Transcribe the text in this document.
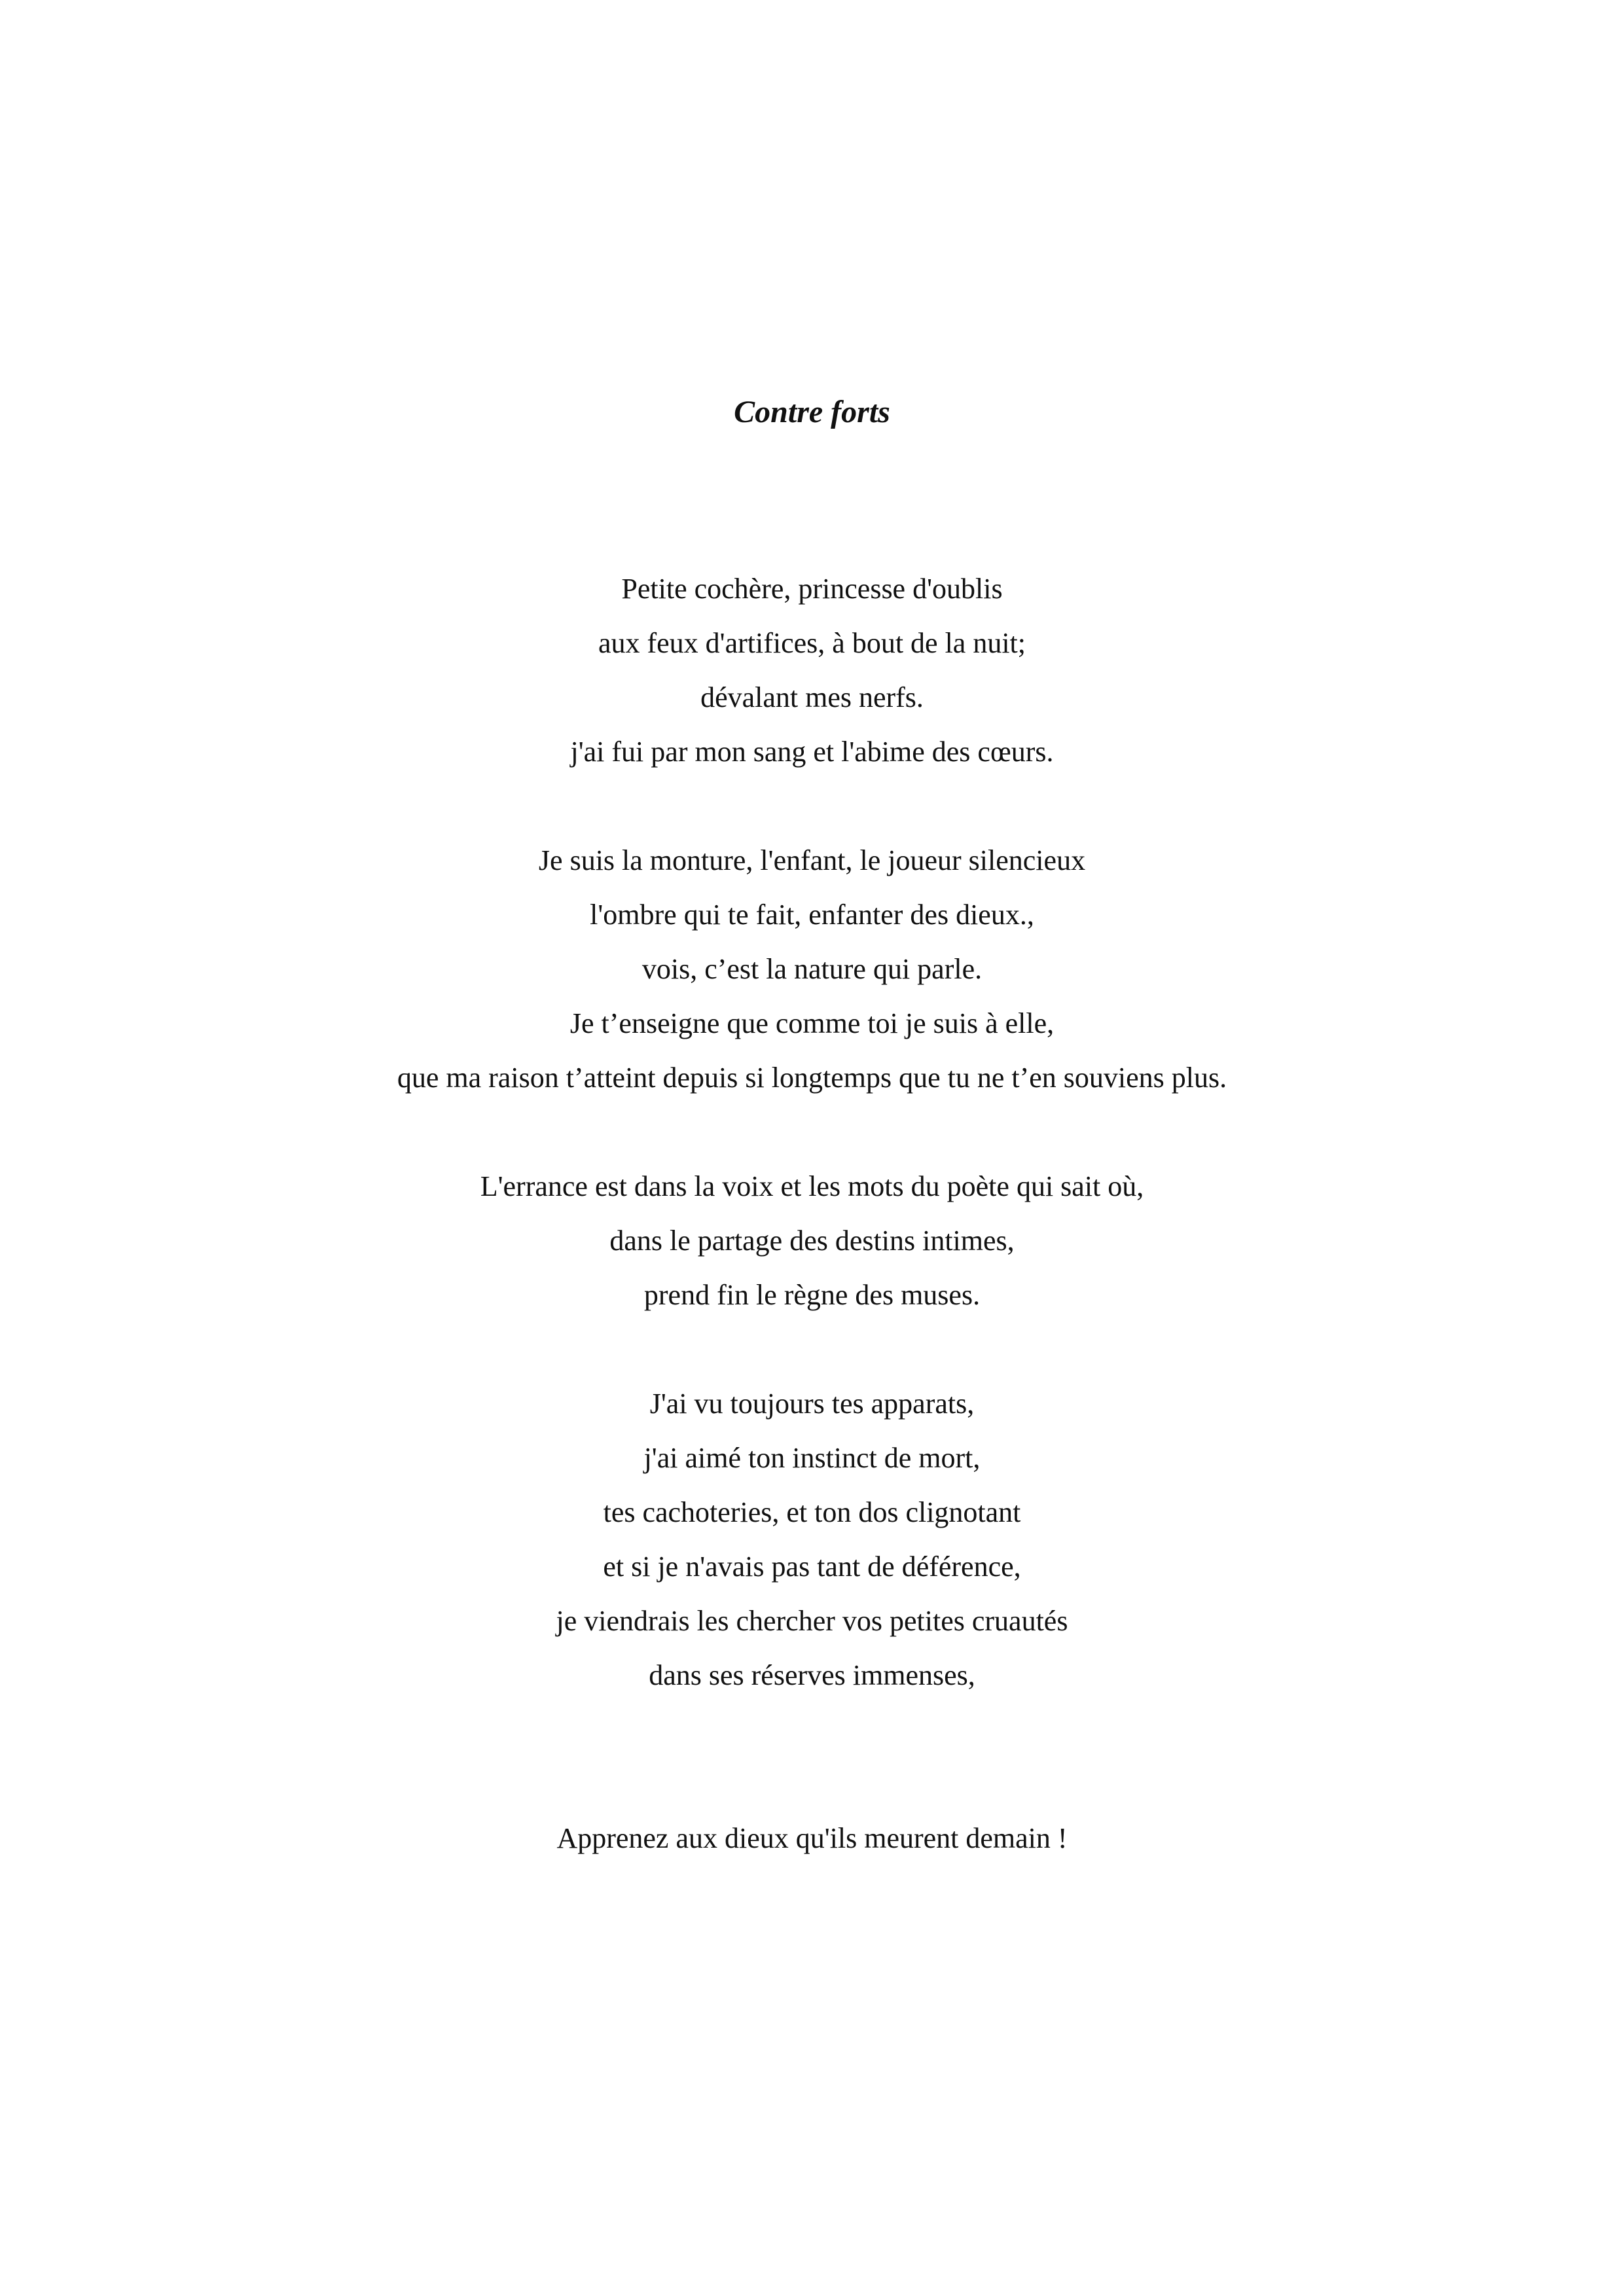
Contre forts
Petite cochère, princesse d'oublis
aux feux d'artifices, à bout de la nuit;
dévalant mes nerfs.
j'ai fui par mon sang et l'abime des cœurs.
Je suis la monture, l'enfant, le joueur silencieux
l'ombre qui te fait, enfanter des dieux.,
vois, c’est la nature qui parle.
Je t’enseigne que comme toi je suis à elle,
que ma raison t’atteint depuis si longtemps que tu ne t’en souviens plus.
L'errance est dans la voix et les mots du poète qui sait où,
dans le partage des destins intimes,
prend fin le règne des muses.
J'ai vu toujours tes apparats,
j'ai aimé ton instinct de mort,
tes cachoteries, et ton dos clignotant
et si je n'avais pas tant de déférence,
je viendrais les chercher vos petites cruautés
dans ses réserves immenses,
Apprenez aux dieux qu'ils meurent demain !
